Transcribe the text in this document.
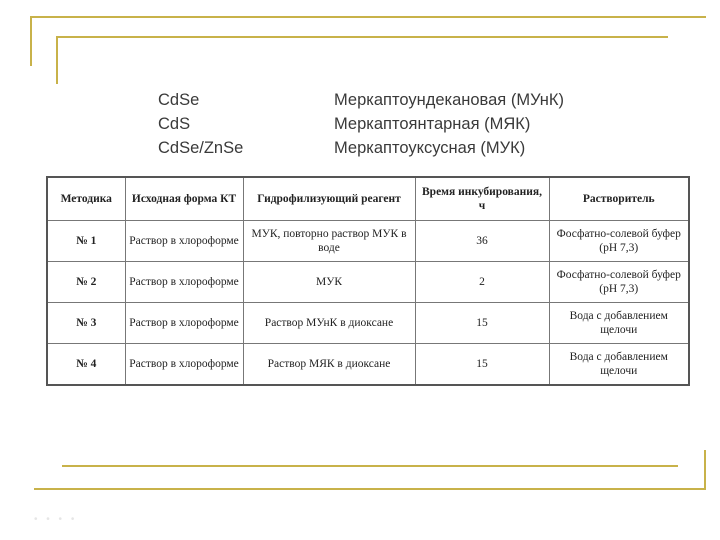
CdSe	Меркаптоундекановая (МУнК)
CdS	Меркаптоянтарная (МЯК)
CdSe/ZnSe	Меркаптоуксусная (МУК)
Методика	Исходная форма КТ	Гидрофилизующий реагент	Время инкубирования, ч	Растворитель
№ 1	Раствор в хлороформе	МУК, повторно раствор МУК в воде	36	Фосфатно-солевой буфер (рН 7,3)
№ 2	Раствор в хлороформе	МУК	2	Фосфатно-солевой буфер (рН 7,3)
№ 3	Раствор в хлороформе	Раствор МУнК в диоксане	15	Вода с добавлением щелочи
№ 4	Раствор в хлороформе	Раствор МЯК в диоксане	15	Вода с добавлением щелочи
• • • •
